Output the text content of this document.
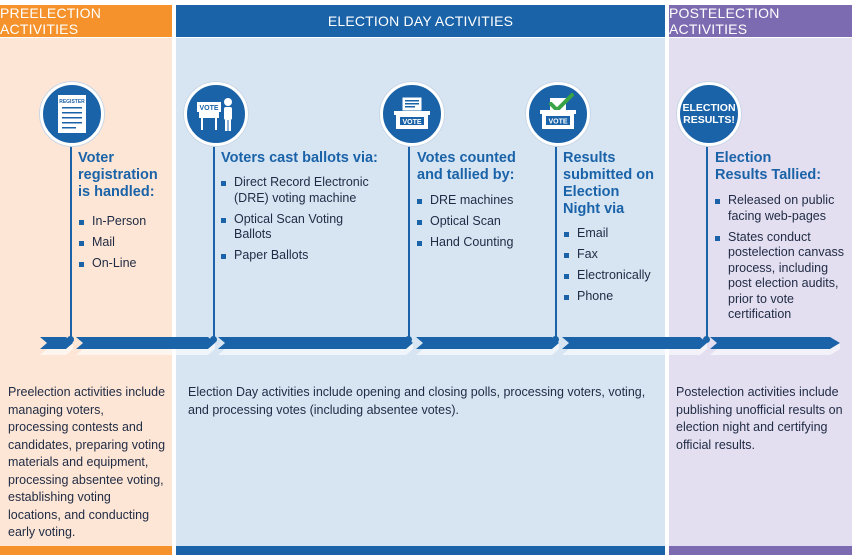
PREELECTION ACTIVITIES	ELECTION DAY ACTIVITIES	POSTELECTION ACTIVITIES
REGISTER
VOTE
VOTE	VOTE
ELECTION RESULTS!
Voter
registration
is handled:
In-Person
Mail
On-Line
Voters cast ballots via:
Direct Record Electronic (DRE) voting machine
Optical Scan Voting Ballots
Paper Ballots
Votes counted
and tallied by:
DRE machines
Optical Scan
Hand Counting
Results
submitted on
Election
Night via
Email
Fax
Electronically
Phone
Election
Results Tallied:
Released on public facing web-pages
States conduct postelection canvass process, including post election audits, prior to vote certification
Preelection activities include managing voters, processing contests and candidates, preparing voting materials and equipment, processing absentee voting, establishing voting locations, and conducting early voting.
Election Day activities include opening and closing polls, processing voters, voting, and processing votes (including absentee votes).
Postelection activities include publishing unofficial results on election night and certifying official results.
